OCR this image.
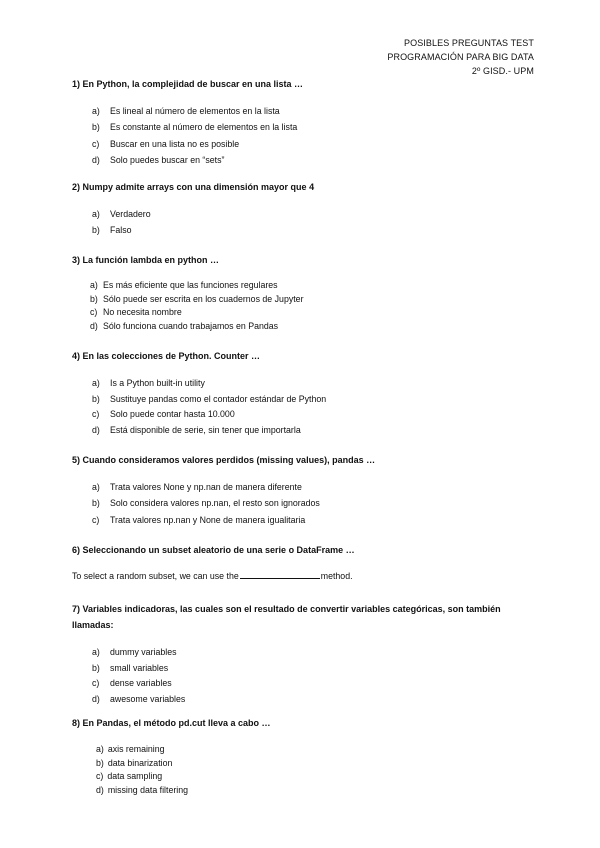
POSIBLES PREGUNTAS TEST
PROGRAMACIÓN PARA BIG DATA
2º GISD.- UPM
1) En Python, la complejidad de buscar en una lista …
a)	Es lineal al número de elementos en la lista
b)	Es constante al número de elementos en la lista
c)	Buscar en una lista no es posible
d)	Solo puedes buscar en “sets”
2) Numpy admite arrays con una dimensión mayor que 4
a)	Verdadero
b)	Falso
3) La función lambda en python …
a) Es más eficiente que las funciones regulares
b) Sólo puede ser escrita en los cuadernos de Jupyter
c) No necesita nombre
d) Sólo funciona cuando trabajamos en Pandas
4) En las colecciones de Python. Counter …
a)	Is a Python built-in utility
b)	Sustituye pandas como el contador estándar de Python
c)	Solo puede contar hasta 10.000
d)	Está disponible de serie, sin tener que importarla
5) Cuando consideramos valores perdidos (missing values), pandas …
a)	Trata valores None y np.nan de manera diferente
b)	Solo considera valores np.nan, el resto son ignorados
c)	Trata valores np.nan y None de manera igualitaria
6) Seleccionando un subset aleatorio de una serie o DataFrame …
To select a random subset, we can use the	method.
7) Variables indicadoras, las cuales son el resultado de convertir variables categóricas, son también llamadas:
a)	dummy variables
b)	small variables
c)	dense variables
d)	awesome variables
8) En Pandas, el método pd.cut lleva a cabo …
a) axis remaining
b) data binarization
c) data sampling
d) missing data filtering
